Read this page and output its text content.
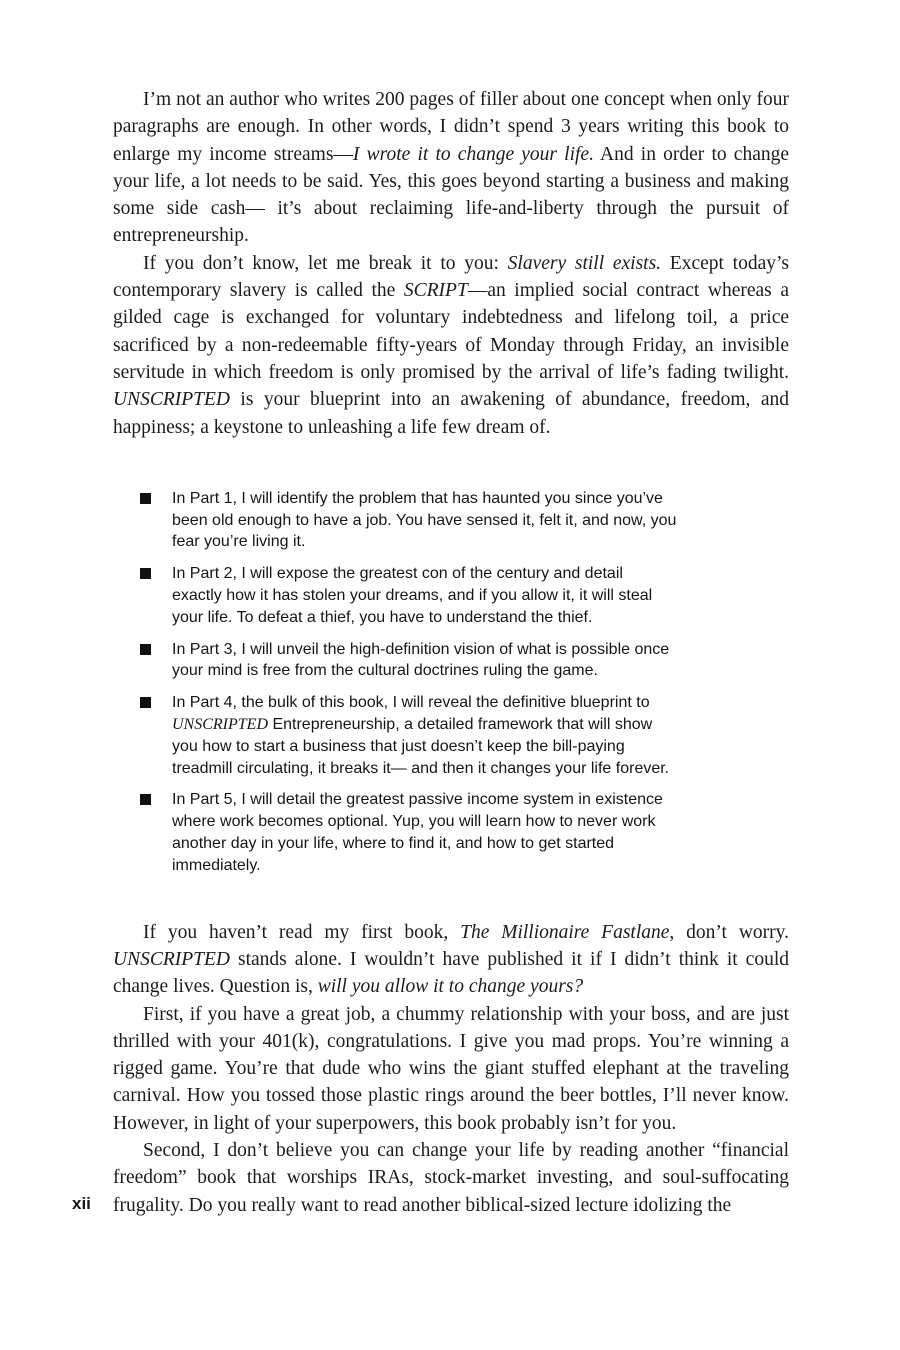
I’m not an author who writes 200 pages of filler about one concept when only four paragraphs are enough. In other words, I didn’t spend 3 years writing this book to enlarge my income streams—I wrote it to change your life. And in order to change your life, a lot needs to be said. Yes, this goes beyond starting a business and making some side cash— it’s about reclaiming life-and-liberty through the pursuit of entrepreneurship.

If you don’t know, let me break it to you: Slavery still exists. Except today’s contemporary slavery is called the SCRIPT—an implied social contract whereas a gilded cage is exchanged for voluntary indebtedness and lifelong toil, a price sacrificed by a non-redeemable fifty-years of Monday through Friday, an invisible servitude in which freedom is only promised by the arrival of life’s fading twilight. UNSCRIPTED is your blueprint into an awakening of abundance, freedom, and happiness; a keystone to unleashing a life few dream of.

In Part 1, I will identify the problem that has haunted you since you’ve been old enough to have a job. You have sensed it, felt it, and now, you fear you’re living it.
In Part 2, I will expose the greatest con of the century and detail exactly how it has stolen your dreams, and if you allow it, it will steal your life. To defeat a thief, you have to understand the thief.
In Part 3, I will unveil the high-definition vision of what is possible once your mind is free from the cultural doctrines ruling the game.
In Part 4, the bulk of this book, I will reveal the definitive blueprint to UNSCRIPTED Entrepreneurship, a detailed framework that will show you how to start a business that just doesn’t keep the bill-paying treadmill circulating, it breaks it— and then it changes your life forever.
In Part 5, I will detail the greatest passive income system in existence where work becomes optional. Yup, you will learn how to never work another day in your life, where to find it, and how to get started immediately.

If you haven’t read my first book, The Millionaire Fastlane, don’t worry. UNSCRIPTED stands alone. I wouldn’t have published it if I didn’t think it could change lives. Question is, will you allow it to change yours?

First, if you have a great job, a chummy relationship with your boss, and are just thrilled with your 401(k), congratulations. I give you mad props. You’re winning a rigged game. You’re that dude who wins the giant stuffed elephant at the traveling carnival. How you tossed those plastic rings around the beer bottles, I’ll never know. However, in light of your superpowers, this book probably isn’t for you.

Second, I don’t believe you can change your life by reading another “financial freedom” book that worships IRAs, stock-market investing, and soul-suffocating frugality. Do you really want to read another biblical-sized lecture idolizing the

xii
